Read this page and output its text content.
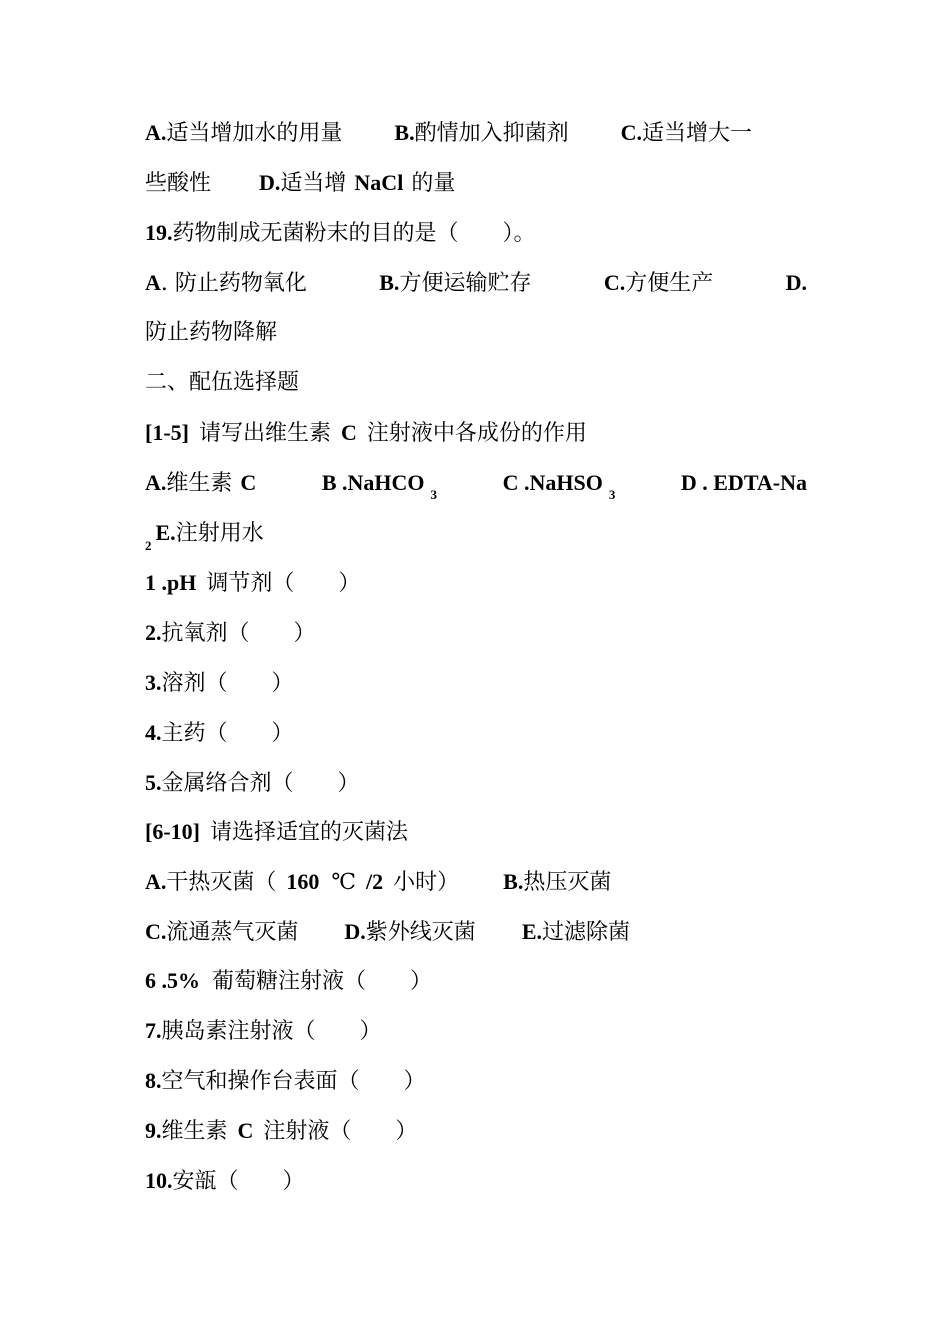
A.适当增加水的用量 B.酌情加入抑菌剂 C.适当增大一
些酸性 D.适当增 NaCl 的量
19.药物制成无菌粉末的目的是（　　）。
A. 防止药物氧化	B.方便运输贮存	C.方便生产	D.
防止药物降解
二、配伍选择题
[1-5] 请写出维生素 C 注射液中各成份的作用
A.维生素 C	B .NaHCO $_3$	C .NaHSO $_3$	D . EDTA-Na
$_2$E.注射用水
1 .pH 调节剂（　　）
2.抗氧剂（　　）
3.溶剂（　　）
4.主药（　　）
5.金属络合剂（　　）
[6-10] 请选择适宜的灭菌法
A.干热灭菌（ 160 ℃ /2 小时） B.热压灭菌
C.流通蒸气灭菌 D.紫外线灭菌 E.过滤除菌
6 .5% 葡萄糖注射液（　　）
7.胰岛素注射液（　　）
8.空气和操作台表面（　　）
9.维生素 C 注射液（　　）
10.安瓿（　　）
